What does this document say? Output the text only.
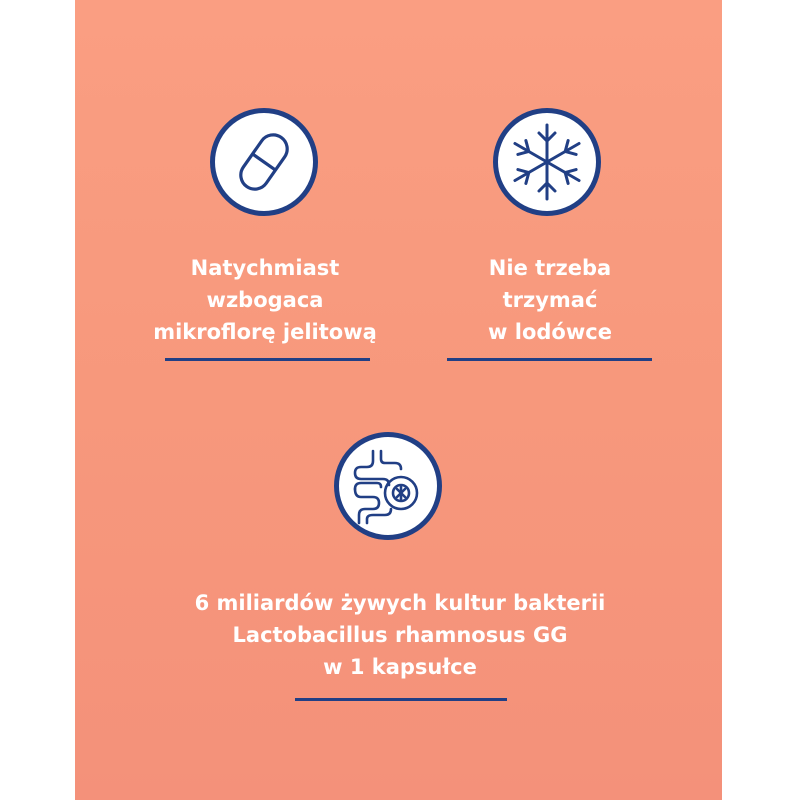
CH-202402-4
Natychmiast
wzbogaca
mikroflorę jelitową
Nie trzeba
trzymać
w lodówce
6 miliardów żywych kultur bakterii
Lactobacillus rhamnosus GG
w 1 kapsułce
